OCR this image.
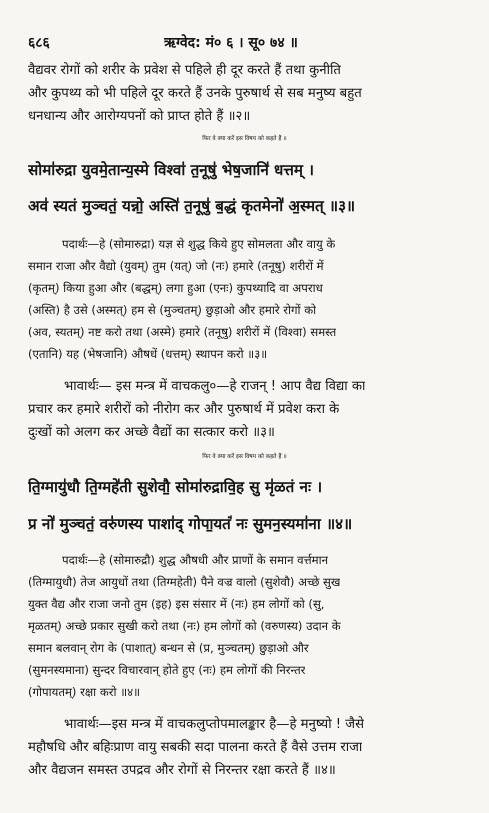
६८६	ऋग्वेद: मं० ६ । सू० ७४ ॥
वैद्यवर रोगों को शरीर के प्रवेश से पहिले ही दूर करते हैं तथा कुनीति
और कुपथ्य को भी पहिले दूर करते हैं उनके पुरुषार्थ से सब मनुष्य बहुत
धनधान्य और आरोग्यपनों को प्राप्त होते हैं ॥२॥
फिर वे क्या करें इस विषय को कहते हैं ॥
सोमा॑रुद्रा यु॒वमे॒तान्य॒स्मे विश्वा॑ त॒नूषु॑ भेष॒जानि॑ धत्तम् ।
अव॑ स्यतं मु॒ञ्चतं॒ यन्नो॒ अस्ति॑ त॒नूषु॑ ब॒द्धं कृ॒तमेनो॑ अ॒स्मत् ॥३॥
पदार्थः—हे (सोमारुद्रा) यज्ञ से शुद्ध किये हुए सोमलता और वायु के
समान राजा और वैद्यो (युवम्) तुम (यत्) जो (नः) हमारे (तनूषु) शरीरों में
(कृतम्) किया हुआ और (बद्धम्) लगा हुआ (एनः) कुपथ्यादि वा अपराध
(अस्ति) है उसे (अस्मत्) हम से (मुञ्चतम्) छुड़ाओ और हमारे रोगों को
(अव, स्यतम्) नष्ट करो तथा (अस्मे) हमारे (तनूषु) शरीरों में (विश्वा) समस्त
(एतानि) यह (भेषजानि) औषधें (धत्तम्) स्थापन करो ॥३॥
भावार्थः— इस मन्त्र में वाचकलु०—हे राजन् ! आप वैद्य विद्या का
प्रचार कर हमारे शरीरों को नीरोग कर और पुरुषार्थ में प्रवेश करा के
दुःखों को अलग कर अच्छे वैद्यों का सत्कार करो ॥३॥
फिर वे क्या करें इस विषय को कहते हैं ॥
ति॒ग्मायु॑धौ ति॒ग्महे॑ती सु॒शेवौ॒ सोमा॑रुद्रावि॒ह सु मृ॑ळतं नः ।
प्र नो॑ मुञ्चतं॒ वरु॑णस्य पाशा॑द् गोपा॒यतं॑ नः सुमन॒स्यमा॑ना ॥४॥
पदार्थः—हे (सोमारुद्रौ) शुद्ध औषधी और प्राणों के समान वर्त्तमान
(तिग्मायुधौ) तेज आयुधों तथा (तिग्महेती) पैने वज्र वालो (सुशेवौ) अच्छे सुख
युक्त वैद्य और राजा जनो तुम (इह) इस संसार में (नः) हम लोगों को (सु,
मृळतम्) अच्छे प्रकार सुखी करो तथा (नः) हम लोगों को (वरुणस्य) उदान के
समान बलवान् रोग के (पाशात्) बन्धन से (प्र, मुञ्चतम्) छुड़ाओ और
(सुमनस्यमाना) सुन्दर विचारवान् होते हुए (नः) हम लोगों की निरन्तर
(गोपायतम्) रक्षा करो ॥४॥
भावार्थः—इस मन्त्र में वाचकलुप्तोपमालङ्कार है—हे मनुष्यो ! जैसे
महौषधि और बहिःप्राण वायु सबकी सदा पालना करते हैं वैसे उत्तम राजा
और वैद्यजन समस्त उपद्रव और रोगों से निरन्तर रक्षा करते हैं ॥४॥
